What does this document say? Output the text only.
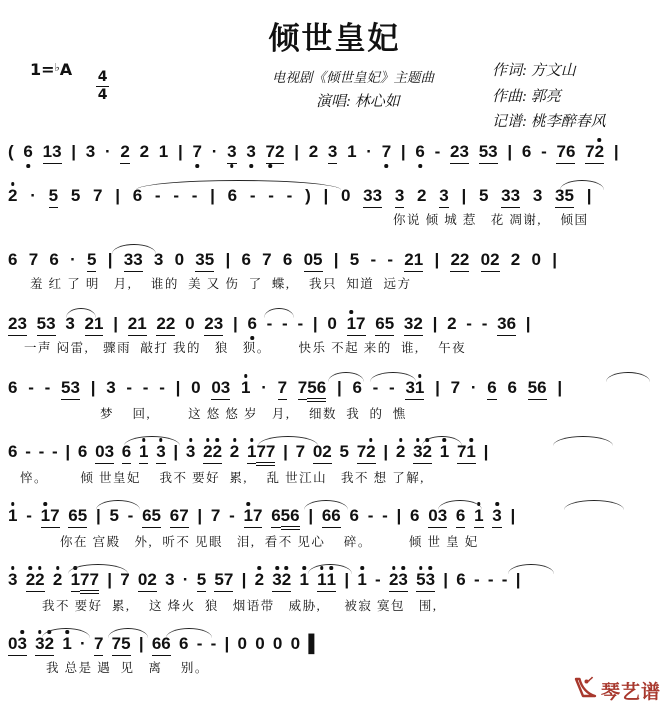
倾世皇妃
1=♭A
$\frac{4}{4}$	电视剧《倾世皇妃》主题曲
演唱: 林心如
作词: 方文山
作曲: 郭亮
记谱: 桃李醉春风
( 6 13 | 3 · 2 2 1 | 7 · 3 3 72 | 2 3 1 · 7 | 6 - 23 53 | 6 - 76 72 |
2 · 5 5 7 | 6 - - - | 6 - - - ) | 0 33 3 2 3 | 5 33 3 35 |
你说 倾 城 惹   花 凋谢,    倾国
6 7 6 · 5 | 33 3 0 35 | 6 7 6 05 | 5 - - 21 | 22 02 2 0 |
羞 红 了 明   月,    谁的  美 又 伤  了  蝶,    我只  知道  远方
23 53 3 21 | 21 22 0 23 | 6 - - - | 0 17 65 32 | 2 - - 36 |
一声 闷雷,   骤雨  敲打 我的   狼   狈。      快乐 不起 来的  谁,    午夜
6 - - 53 | 3 - - - | 0 03 1 · 7 756 | 6 - - 31 | 7 · 6 6 56 |
梦    回,        这 悠 悠 岁   月,    细数  我  的  憔
6 - - - | 6 03 6 1 3 | 3 22 2 177 | 7 02 5 72 | 2 32 1 71 |
悴。       倾 世皇妃    我不 要好  累,    乱 世江山   我不 想 了解,
1 - 17 65 | 5 - 65 67 | 7 - 17 656 | 66 6 - - | 6 03 6 1 3 |
你在 宫殿   外,  听不 见眼   泪,  看不 见心    碎。        倾 世 皇 妃
3 22 2 177 | 7 02 3 · 5 57 | 2 32 1 11 | 1 - 23 53 | 6 - - - |
我不 要好  累,    这 烽火  狼   烟语带   威胁,     被寂 寞包   围,
03 32 1 · 7 75 | 66 6 - - | 0 0 0 0 ▌
我 总是 遇  见   离    别。
琴艺谱
